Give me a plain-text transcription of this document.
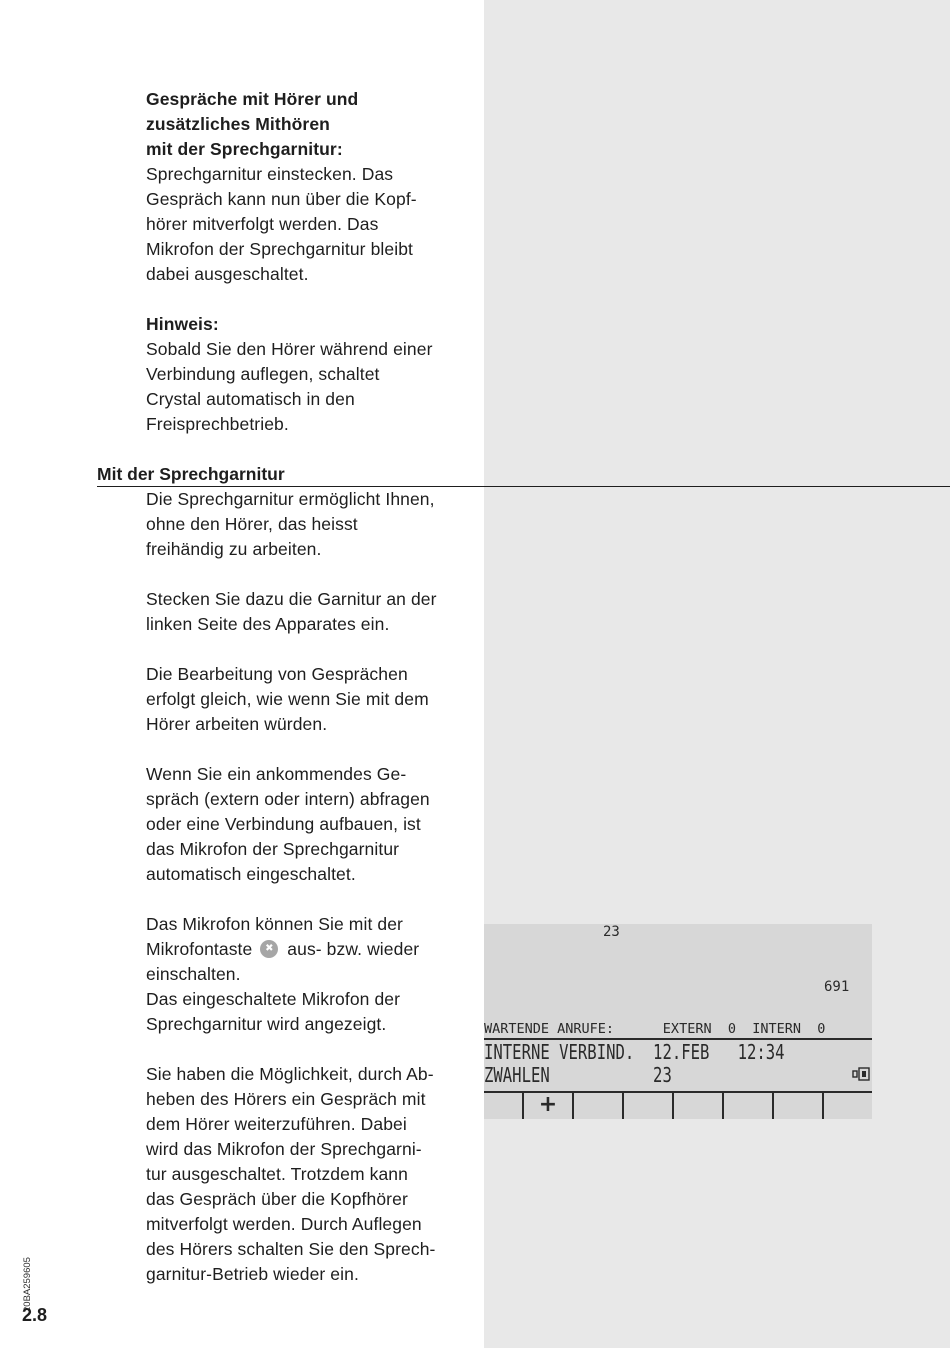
Gespräche mit Hörer und

zusätzliches Mithören

mit der Sprechgarnitur:

Sprechgarnitur einstecken. Das

Gespräch kann nun über die Kopf-

hörer mitverfolgt werden. Das

Mikrofon der Sprechgarnitur bleibt

dabei ausgeschaltet.

Hinweis:

Sobald Sie den Hörer während einer

Verbindung auflegen, schaltet

Crystal automatisch in den

Freisprechbetrieb.

Mit der Sprechgarnitur

Die Sprechgarnitur ermöglicht Ihnen,

ohne den Hörer, das heisst

freihändig zu arbeiten.

Stecken Sie dazu die Garnitur an der

linken Seite des Apparates ein.

Die Bearbeitung von Gesprächen

erfolgt gleich, wie wenn Sie mit dem

Hörer arbeiten würden.

Wenn Sie ein ankommendes Ge-

spräch (extern oder intern) abfragen

oder eine Verbindung aufbauen, ist

das Mikrofon der Sprechgarnitur

automatisch eingeschaltet.

Das Mikrofon können Sie mit der

Mikrofontaste ✖ aus- bzw. wieder

einschalten.

Das eingeschaltete Mikrofon der

Sprechgarnitur wird angezeigt.

Sie haben die Möglichkeit, durch Ab-

heben des Hörers ein Gespräch mit

dem Hörer weiterzuführen. Dabei

wird das Mikrofon der Sprechgarni-

tur ausgeschaltet. Trotzdem kann

das Gespräch über die Kopfhörer

mitverfolgt werden. Durch Auflegen

des Hörers schalten Sie den Sprech-

garnitur-Betrieb wieder ein.

23
691
WARTENDE ANRUFE:      EXTERN  0  INTERN  0
INTERNE VERBIND.  12.FEB   12:34
ZWAHLEN           23
+
20BA259605
2.8
